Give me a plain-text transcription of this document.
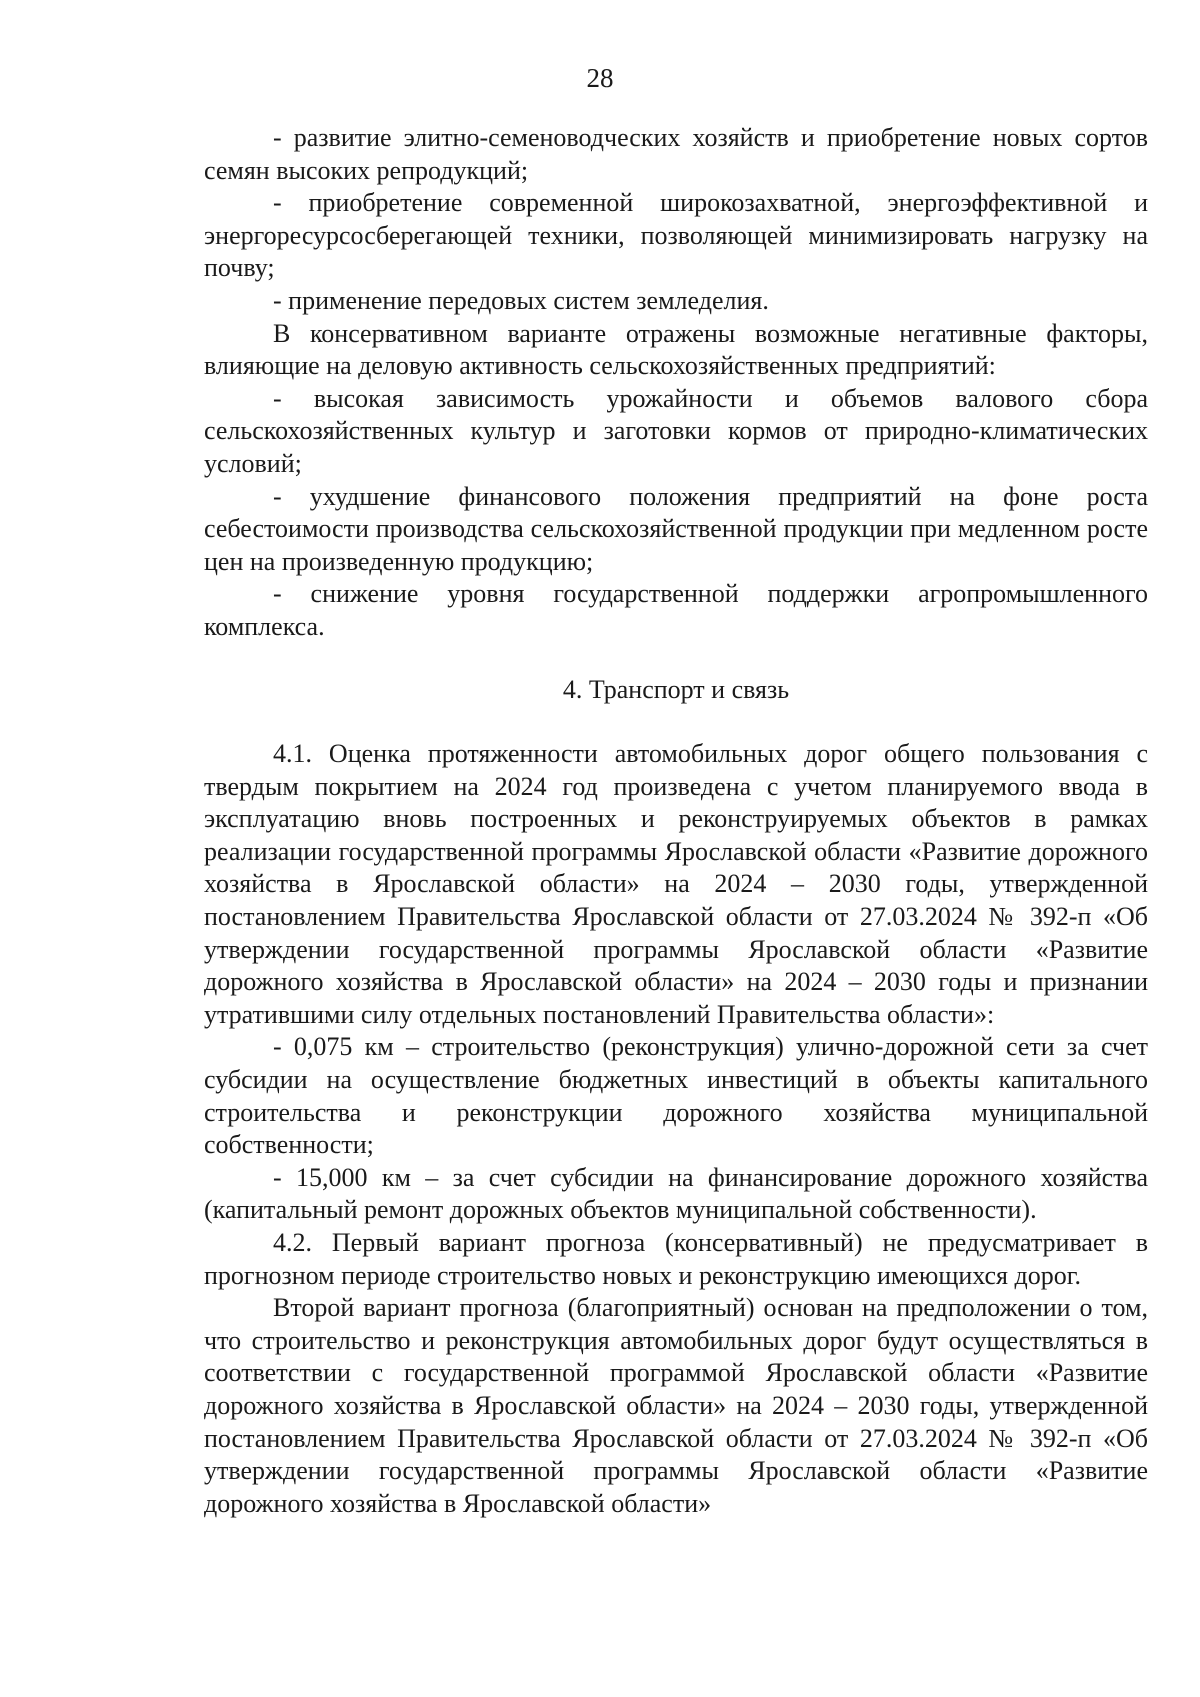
28

- развитие элитно-семеноводческих хозяйств и приобретение новых сортов семян высоких репродукций;

- приобретение современной широкозахватной, энергоэффективной и энергоресурсосберегающей техники, позволяющей минимизировать нагрузку на почву;

- применение передовых систем земледелия.

В консервативном варианте отражены возможные негативные факторы, влияющие на деловую активность сельскохозяйственных предприятий:

- высокая зависимость урожайности и объемов валового сбора сельскохозяйственных культур и заготовки кормов от природно-климатических условий;

- ухудшение финансового положения предприятий на фоне роста себестоимости производства сельскохозяйственной продукции при медленном росте цен на произведенную продукцию;

- снижение уровня государственной поддержки агропромышленного комплекса.

4. Транспорт и связь

4.1. Оценка протяженности автомобильных дорог общего пользования с твердым покрытием на 2024 год произведена с учетом планируемого ввода в эксплуатацию вновь построенных и реконструируемых объектов в рамках реализации государственной программы Ярославской области «Развитие дорожного хозяйства в Ярославской области» на 2024 – 2030 годы, утвержденной постановлением Правительства Ярославской области от 27.03.2024 № 392-п «Об утверждении государственной программы Ярославской области «Развитие дорожного хозяйства в Ярославской области» на 2024 – 2030 годы и признании утратившими силу отдельных постановлений Правительства области»:

- 0,075 км – строительство (реконструкция) улично-дорожной сети за счет субсидии на осуществление бюджетных инвестиций в объекты капитального строительства и реконструкции дорожного хозяйства муниципальной собственности;

- 15,000 км – за счет субсидии на финансирование дорожного хозяйства (капитальный ремонт дорожных объектов муниципальной собственности).

4.2. Первый вариант прогноза (консервативный) не предусматривает в прогнозном периоде строительство новых и реконструкцию имеющихся дорог.

Второй вариант прогноза (благоприятный) основан на предположении о том, что строительство и реконструкция автомобильных дорог будут осуществляться в соответствии с государственной программой Ярославской области «Развитие дорожного хозяйства в Ярославской области» на 2024 – 2030 годы, утвержденной постановлением Правительства Ярославской области от 27.03.2024 № 392-п «Об утверждении государственной программы Ярославской области «Развитие дорожного хозяйства в Ярославской области»
